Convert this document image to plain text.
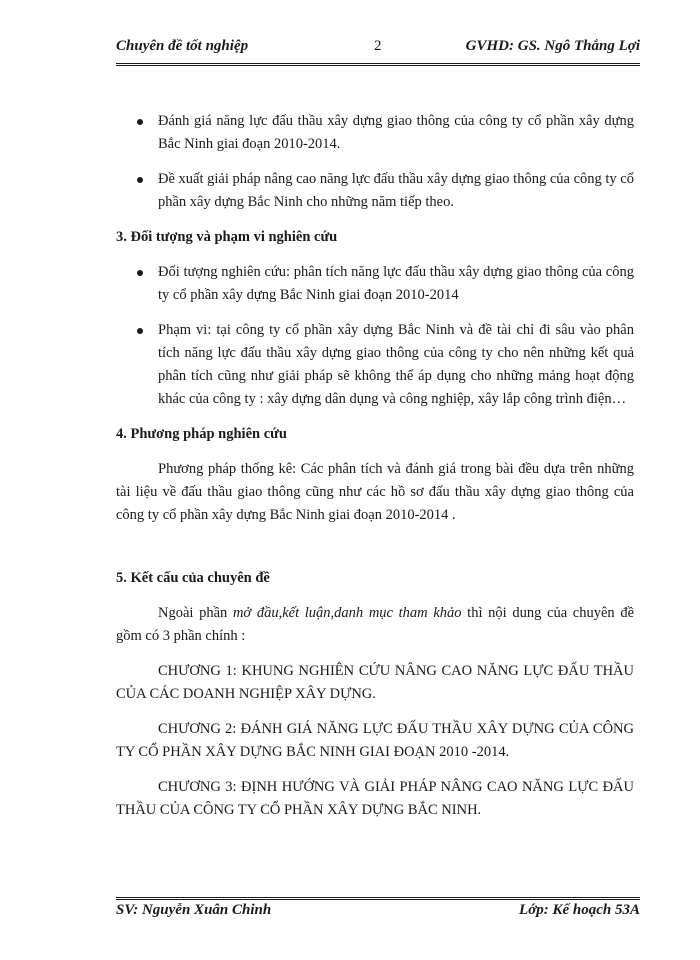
Chuyên đề tốt nghiệp	2	GVHD: GS. Ngô Thắng Lợi
Đánh giá năng lực đấu thầu xây dựng giao thông của công ty cổ phần xây dựng Bắc Ninh giai đoạn 2010-2014.
Đề xuất giải pháp nâng cao năng lực đấu thầu xây dựng giao thông của công ty cổ phần xây dựng Bắc Ninh cho những năm tiếp theo.

3. Đối tượng và phạm vi nghiên cứu

Đối tượng nghiên cứu: phân tích năng lực đấu thầu xây dựng giao thông của công ty cổ phần xây dựng Bắc Ninh giai đoạn 2010-2014
Phạm vi: tại công ty cổ phần xây dựng Bắc Ninh và đề tài chỉ đi sâu vào phân tích năng lực đấu thầu xây dựng giao thông của công ty cho nên những kết quả phân tích cũng như giải pháp sẽ không thể áp dụng cho những mảng hoạt động khác của công ty : xây dựng dân dụng và công nghiệp, xây lắp công trình điện…

4. Phương pháp nghiên cứu

Phương pháp thống kê: Các phân tích và đánh giá trong bài đều dựa trên những tài liệu về đấu thầu giao thông cũng như các hồ sơ đấu thầu xây dựng giao thông của công ty cổ phần xây dựng Bắc Ninh giai đoạn 2010-2014 .

5. Kết cấu của chuyên đề

Ngoài phần mở đầu,kết luận,danh mục tham khảo thì nội dung của chuyên đề gồm có 3 phần chính :

CHƯƠNG 1: KHUNG NGHIÊN CỨU NÂNG CAO NĂNG LỰC ĐẤU THẦU CỦA CÁC DOANH NGHIỆP XÂY DỰNG.

CHƯƠNG 2: ĐÁNH GIÁ NĂNG LỰC ĐẤU THẦU XÂY DỰNG CỦA CÔNG TY CỔ PHẦN XÂY DỰNG BẮC NINH GIAI ĐOẠN 2010 -2014.

CHƯƠNG 3: ĐỊNH HƯỚNG VÀ GIẢI PHÁP NÂNG CAO NĂNG LỰC ĐẤU THẦU CỦA CÔNG TY CỔ PHẦN XÂY DỰNG BẮC NINH.

SV: Nguyễn Xuân Chinh	Lớp: Kế hoạch 53A
